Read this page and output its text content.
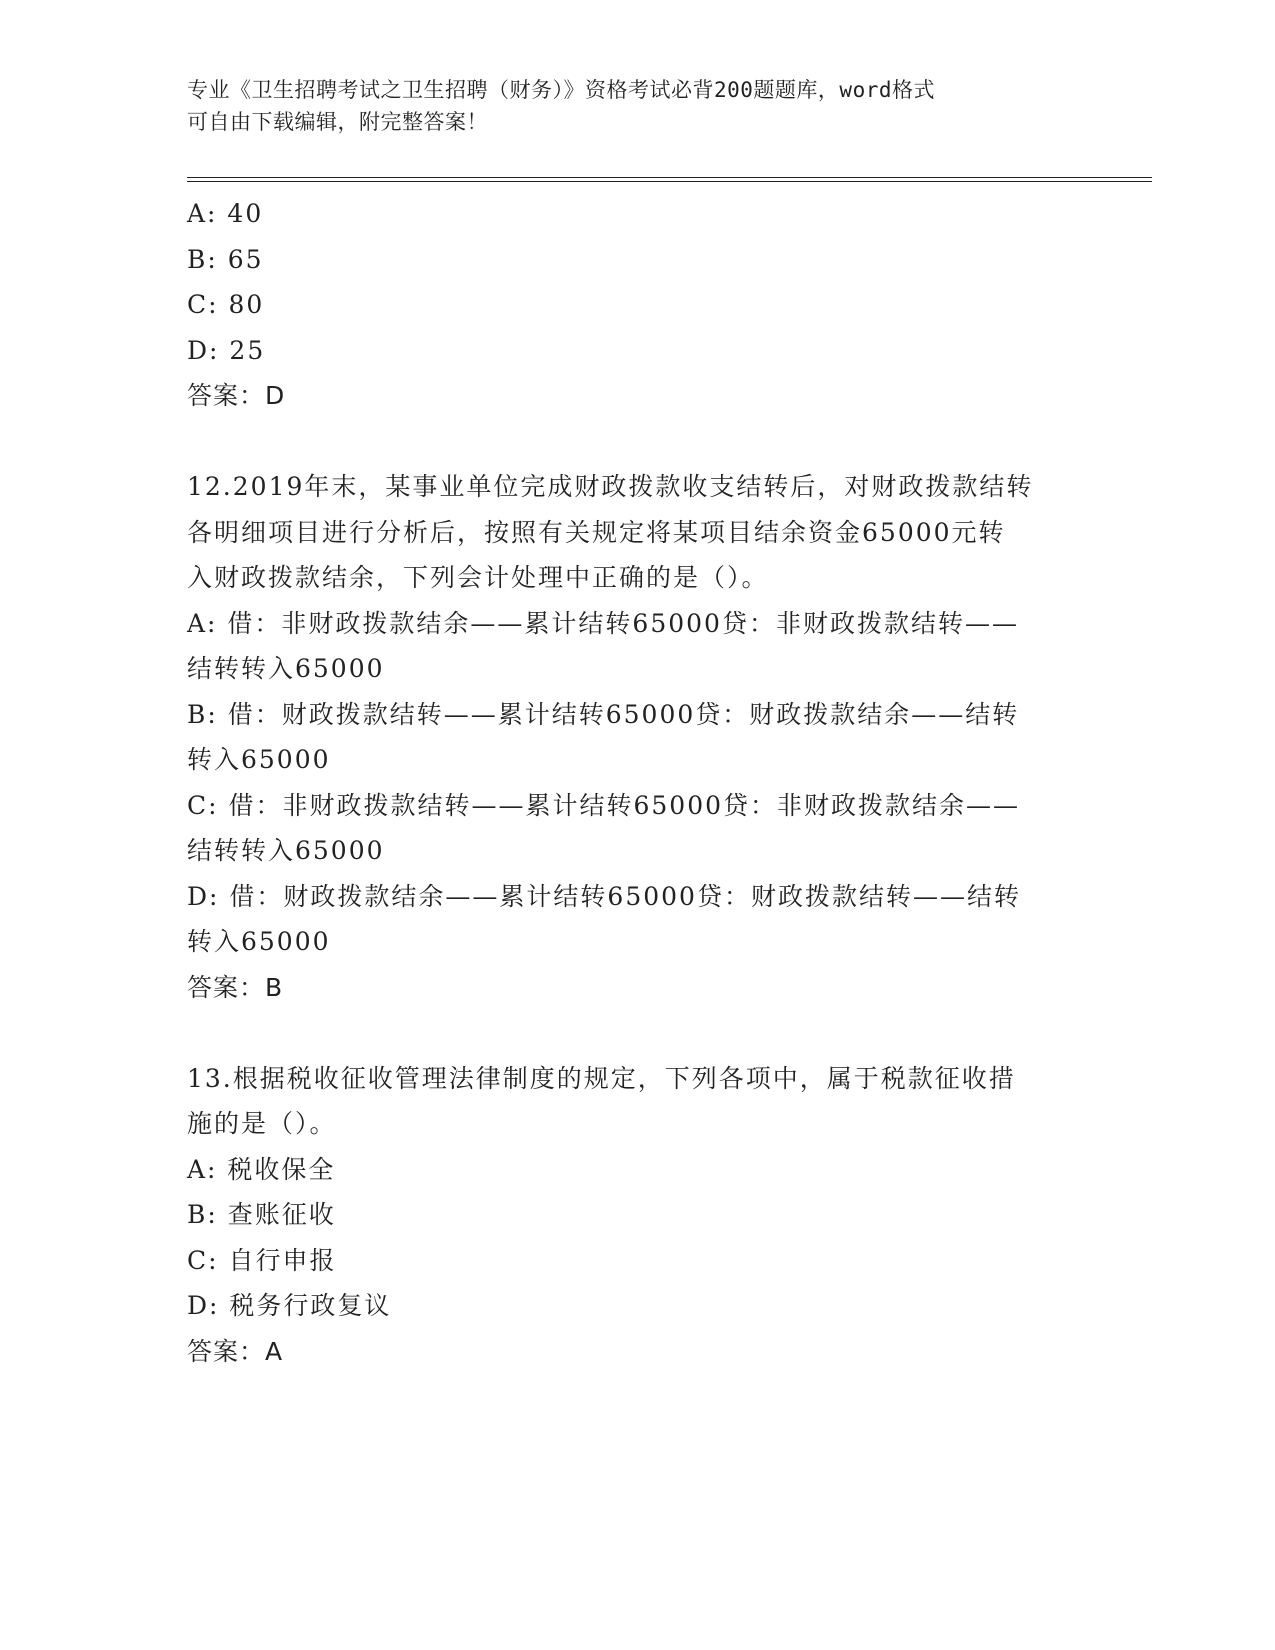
专业《卫生招聘考试之卫生招聘（财务）》资格考试必背200题题库，word格式
可自由下载编辑，附完整答案！
A: 40
B: 65
C: 80
D: 25
答案：D
12.2019年末，某事业单位完成财政拨款收支结转后，对财政拨款结转
各明细项目进行分析后，按照有关规定将某项目结余资金65000元转
入财政拨款结余，下列会计处理中正确的是（）。
A: 借：非财政拨款结余——累计结转65000贷：非财政拨款结转——
结转转入65000
B: 借：财政拨款结转——累计结转65000贷：财政拨款结余——结转
转入65000
C: 借：非财政拨款结转——累计结转65000贷：非财政拨款结余——
结转转入65000
D: 借：财政拨款结余——累计结转65000贷：财政拨款结转——结转
转入65000
答案：B
13.根据税收征收管理法律制度的规定，下列各项中，属于税款征收措
施的是（）。
A: 税收保全
B: 查账征收
C: 自行申报
D: 税务行政复议
答案：A
